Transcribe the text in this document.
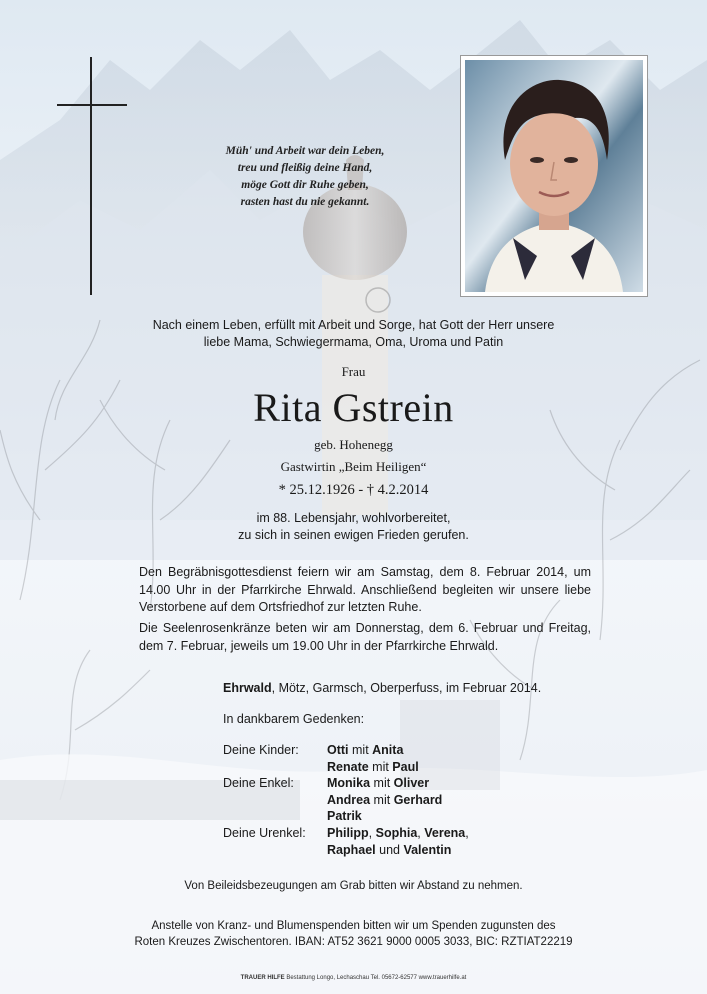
Müh' und Arbeit war dein Leben,
treu und fleißig deine Hand,
möge Gott dir Ruhe geben,
rasten hast du nie gekannt.
Nach einem Leben, erfüllt mit Arbeit und Sorge, hat Gott der Herr unsere
liebe Mama, Schwiegermama, Oma, Uroma und Patin
Frau
Rita Gstrein
geb. Hohenegg
Gastwirtin „Beim Heiligen“
* 25.12.1926 - † 4.2.2014
im 88. Lebensjahr, wohlvorbereitet,
zu sich in seinen ewigen Frieden gerufen.
Den Begräbnisgottesdienst feiern wir am Samstag, dem 8. Februar 2014, um 14.00 Uhr in der Pfarrkirche Ehrwald. Anschließend begleiten wir unsere liebe Verstorbene auf dem Ortsfriedhof zur letzten Ruhe.
Die Seelenrosenkränze beten wir am Donnerstag, dem 6. Februar und Freitag, dem 7. Februar, jeweils um 19.00 Uhr in der Pfarrkirche Ehrwald.
Ehrwald, Mötz, Garmsch, Oberperfuss, im Februar 2014.
In dankbarem Gedenken:
Deine Kinder: Otti mit Anita
Renate mit Paul
Deine Enkel:	Monika mit Oliver
Andrea mit Gerhard
Patrik
Deine Urenkel: Philipp, Sophia, Verena,
Raphael und Valentin
Von Beileidsbezeugungen am Grab bitten wir Abstand zu nehmen.
Anstelle von Kranz- und Blumenspenden bitten wir um Spenden zugunsten des
Roten Kreuzes Zwischentoren. IBAN: AT52 3621 9000 0005 3033, BIC: RZTIAT22219
TRAUER HILFE Bestattung Longo, Lechaschau Tel. 05672-62577 www.trauerhilfe.at
